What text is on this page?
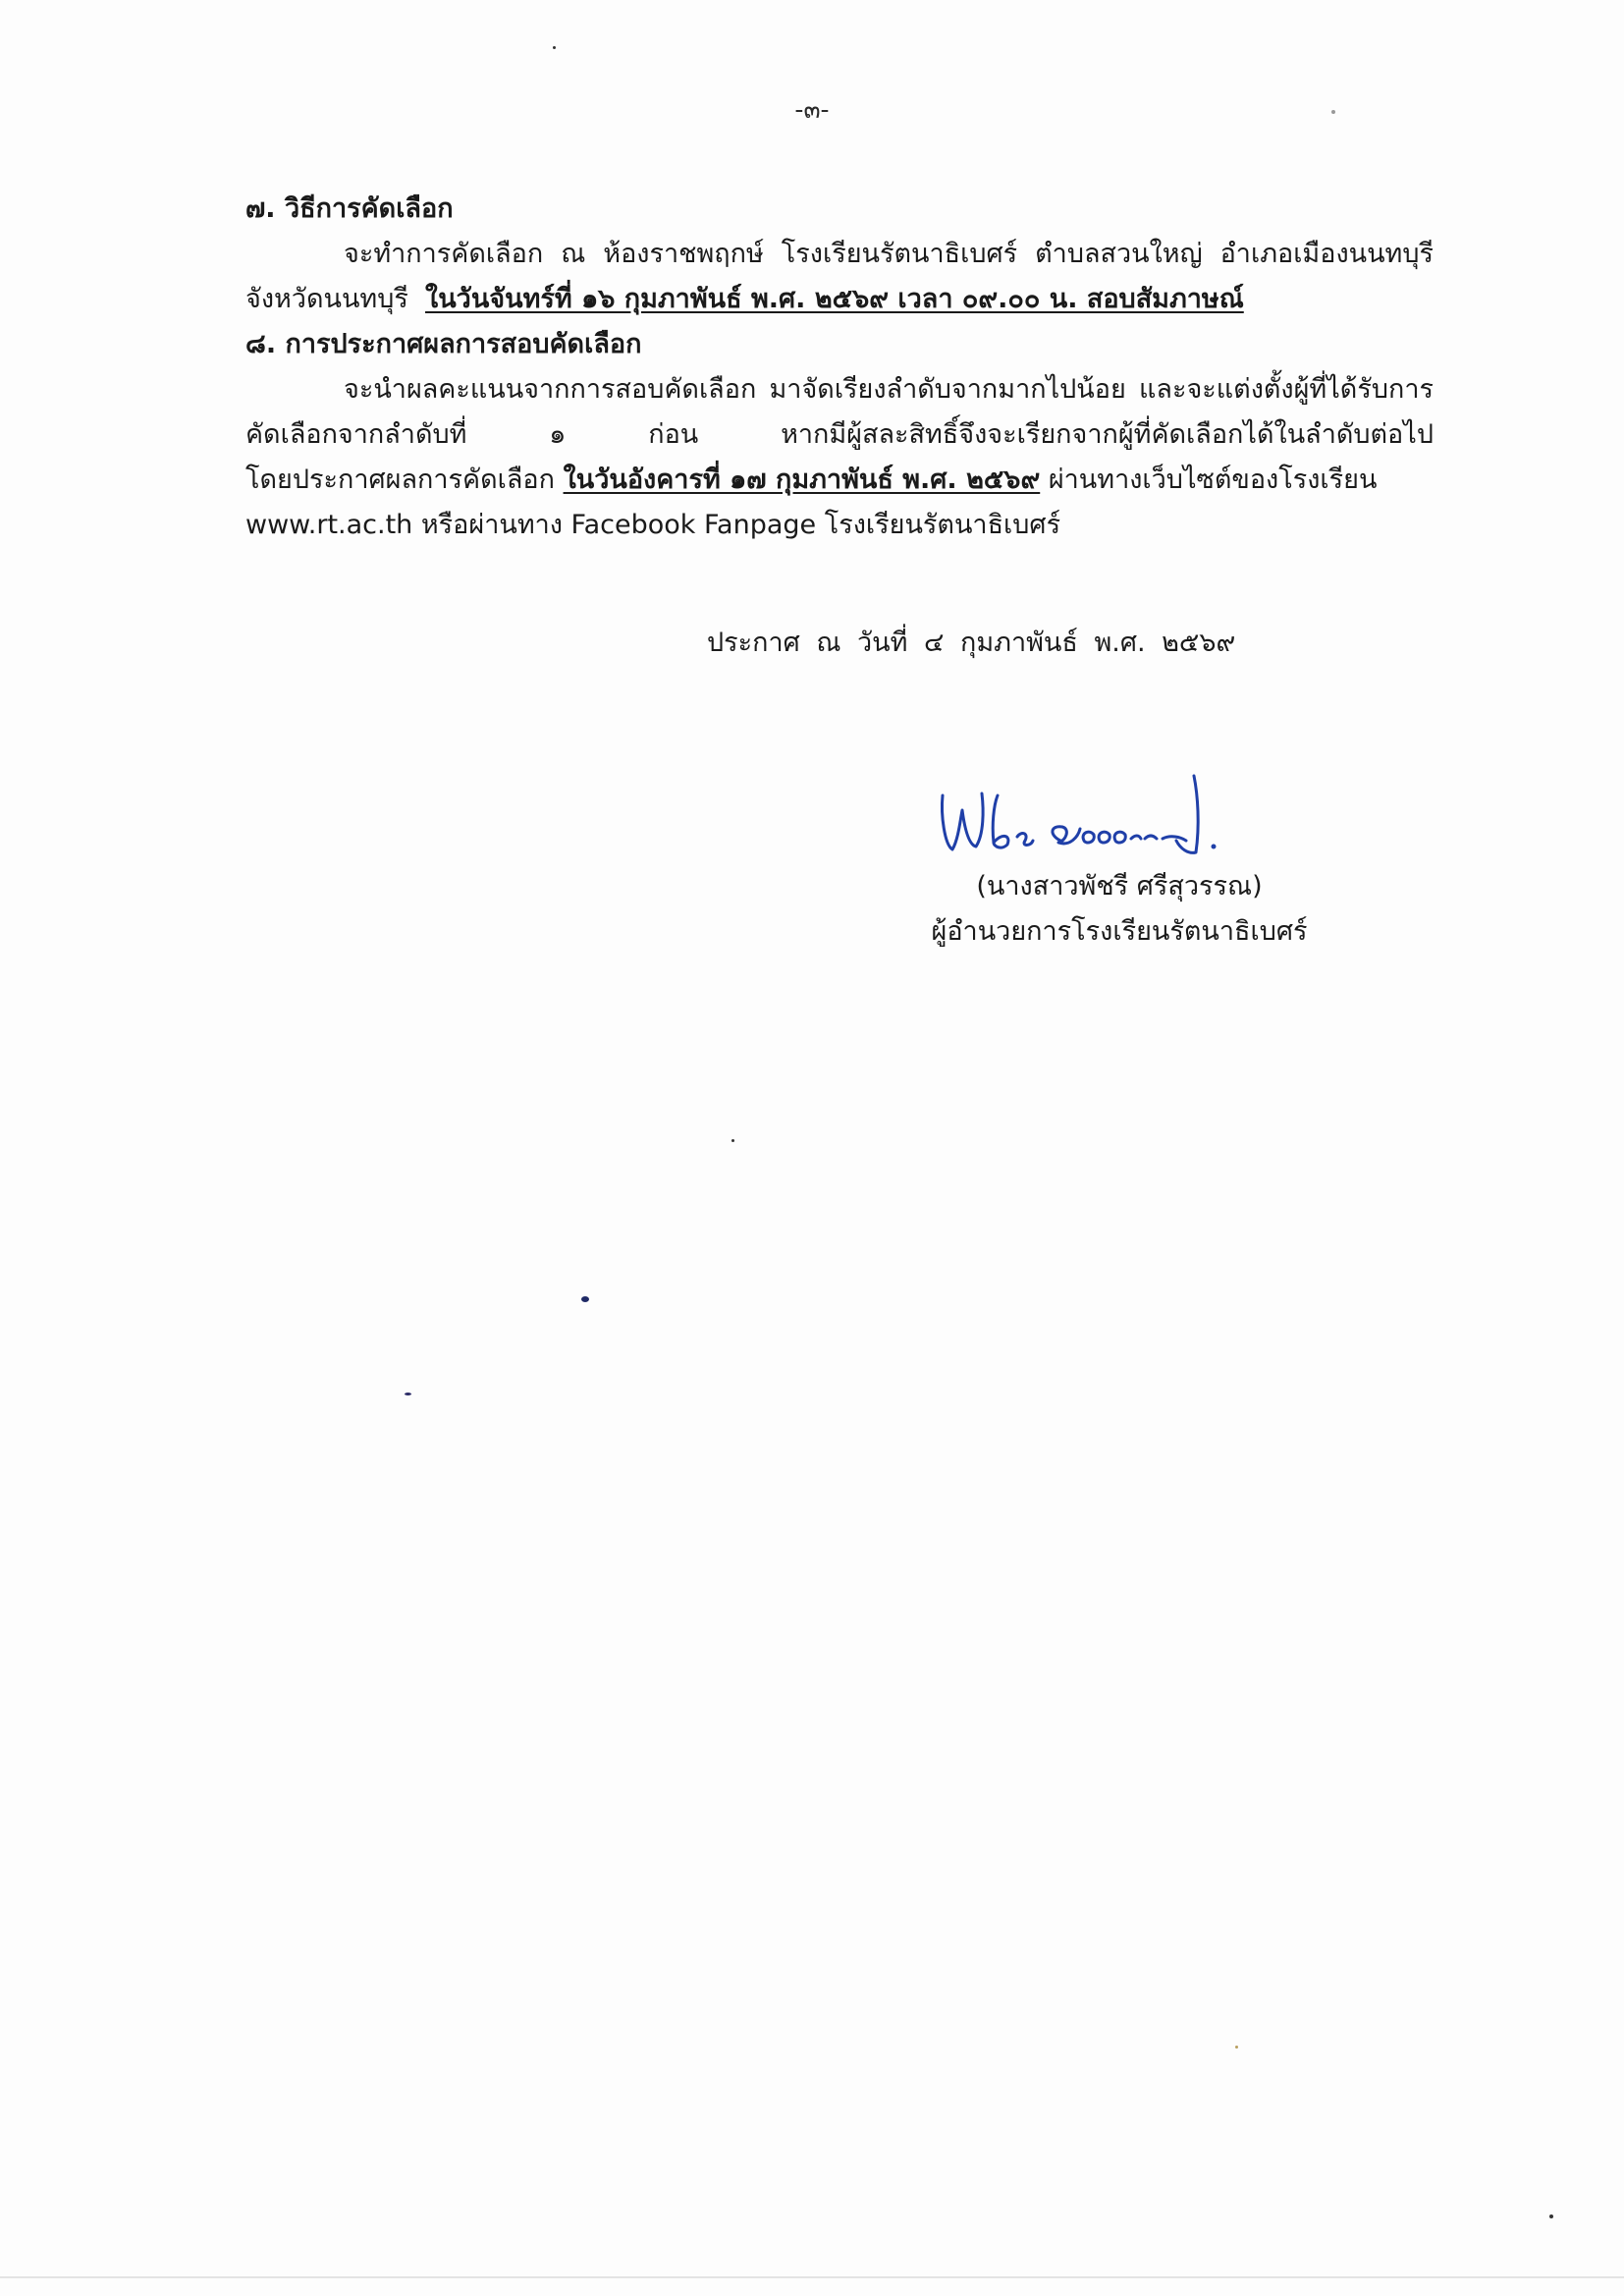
-๓-

๗. วิธีการคัดเลือก

จะทำการคัดเลือก ณ ห้องราชพฤกษ์ โรงเรียนรัตนาธิเบศร์ ตำบลสวนใหญ่ อำเภอเมืองนนทบุรี
จังหวัดนนทบุรี ในวันจันทร์ที่ ๑๖ กุมภาพันธ์ พ.ศ. ๒๕๖๙ เวลา ๐๙.๐๐ น. สอบสัมภาษณ์

๘. การประกาศผลการสอบคัดเลือก

จะนำผลคะแนนจากการสอบคัดเลือก มาจัดเรียงลำดับจากมากไปน้อย และจะแต่งตั้งผู้ที่ได้รับการ
คัดเลือกจากลำดับที่ ๑ ก่อน หากมีผู้สละสิทธิ์จึงจะเรียกจากผู้ที่คัดเลือกได้ในลำดับต่อไป
โดยประกาศผลการคัดเลือก ในวันอังคารที่ ๑๗ กุมภาพันธ์ พ.ศ. ๒๕๖๙ ผ่านทางเว็บไซต์ของโรงเรียน
www.rt.ac.th หรือผ่านทาง Facebook Fanpage โรงเรียนรัตนาธิเบศร์

ประกาศ ณ วันที่ ๔ กุมภาพันธ์ พ.ศ. ๒๕๖๙
(นางสาวพัชรี ศรีสุวรรณ)
ผู้อำนวยการโรงเรียนรัตนาธิเบศร์
